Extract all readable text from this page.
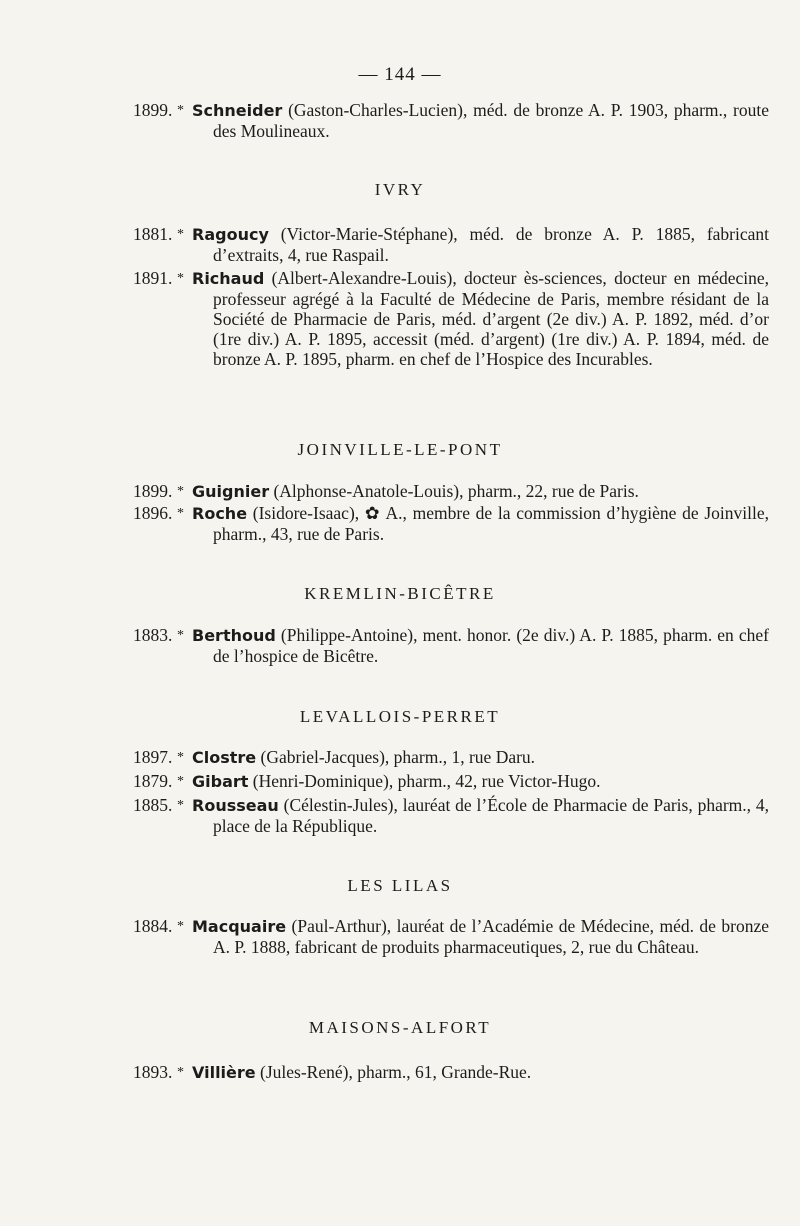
— 144 —
1899. * Schneider (Gaston-Charles-Lucien), méd. de bronze A. P. 1903, pharm., route des Moulineaux.
IVRY
1881. * Ragoucy (Victor-Marie-Stéphane), méd. de bronze A. P. 1885, fabricant d’extraits, 4, rue Raspail.
1891. * Richaud (Albert-Alexandre-Louis), docteur ès-sciences, docteur en médecine, professeur agrégé à la Faculté de Médecine de Paris, membre résidant de la Société de Pharmacie de Paris, méd. d’argent (2e div.) A. P. 1892, méd. d’or (1re div.) A. P. 1895, accessit (méd. d’argent) (1re div.) A. P. 1894, méd. de bronze A. P. 1895, pharm. en chef de l’Hospice des Incurables.
JOINVILLE-LE-PONT
1899. * Guignier (Alphonse-Anatole-Louis), pharm., 22, rue de Paris.
1896. * Roche (Isidore-Isaac), ✿ A., membre de la commission d’hygiène de Joinville, pharm., 43, rue de Paris.
KREMLIN-BICÊTRE
1883. * Berthoud (Philippe-Antoine), ment. honor. (2e div.) A. P. 1885, pharm. en chef de l’hospice de Bicêtre.
LEVALLOIS-PERRET
1897. * Clostre (Gabriel-Jacques), pharm., 1, rue Daru.
1879. * Gibart (Henri-Dominique), pharm., 42, rue Victor-Hugo.
1885. * Rousseau (Célestin-Jules), lauréat de l’École de Pharmacie de Paris, pharm., 4, place de la République.
LES LILAS
1884. * Macquaire (Paul-Arthur), lauréat de l’Académie de Médecine, méd. de bronze A. P. 1888, fabricant de produits pharmaceutiques, 2, rue du Château.
MAISONS-ALFORT
1893. * Villière (Jules-René), pharm., 61, Grande-Rue.
